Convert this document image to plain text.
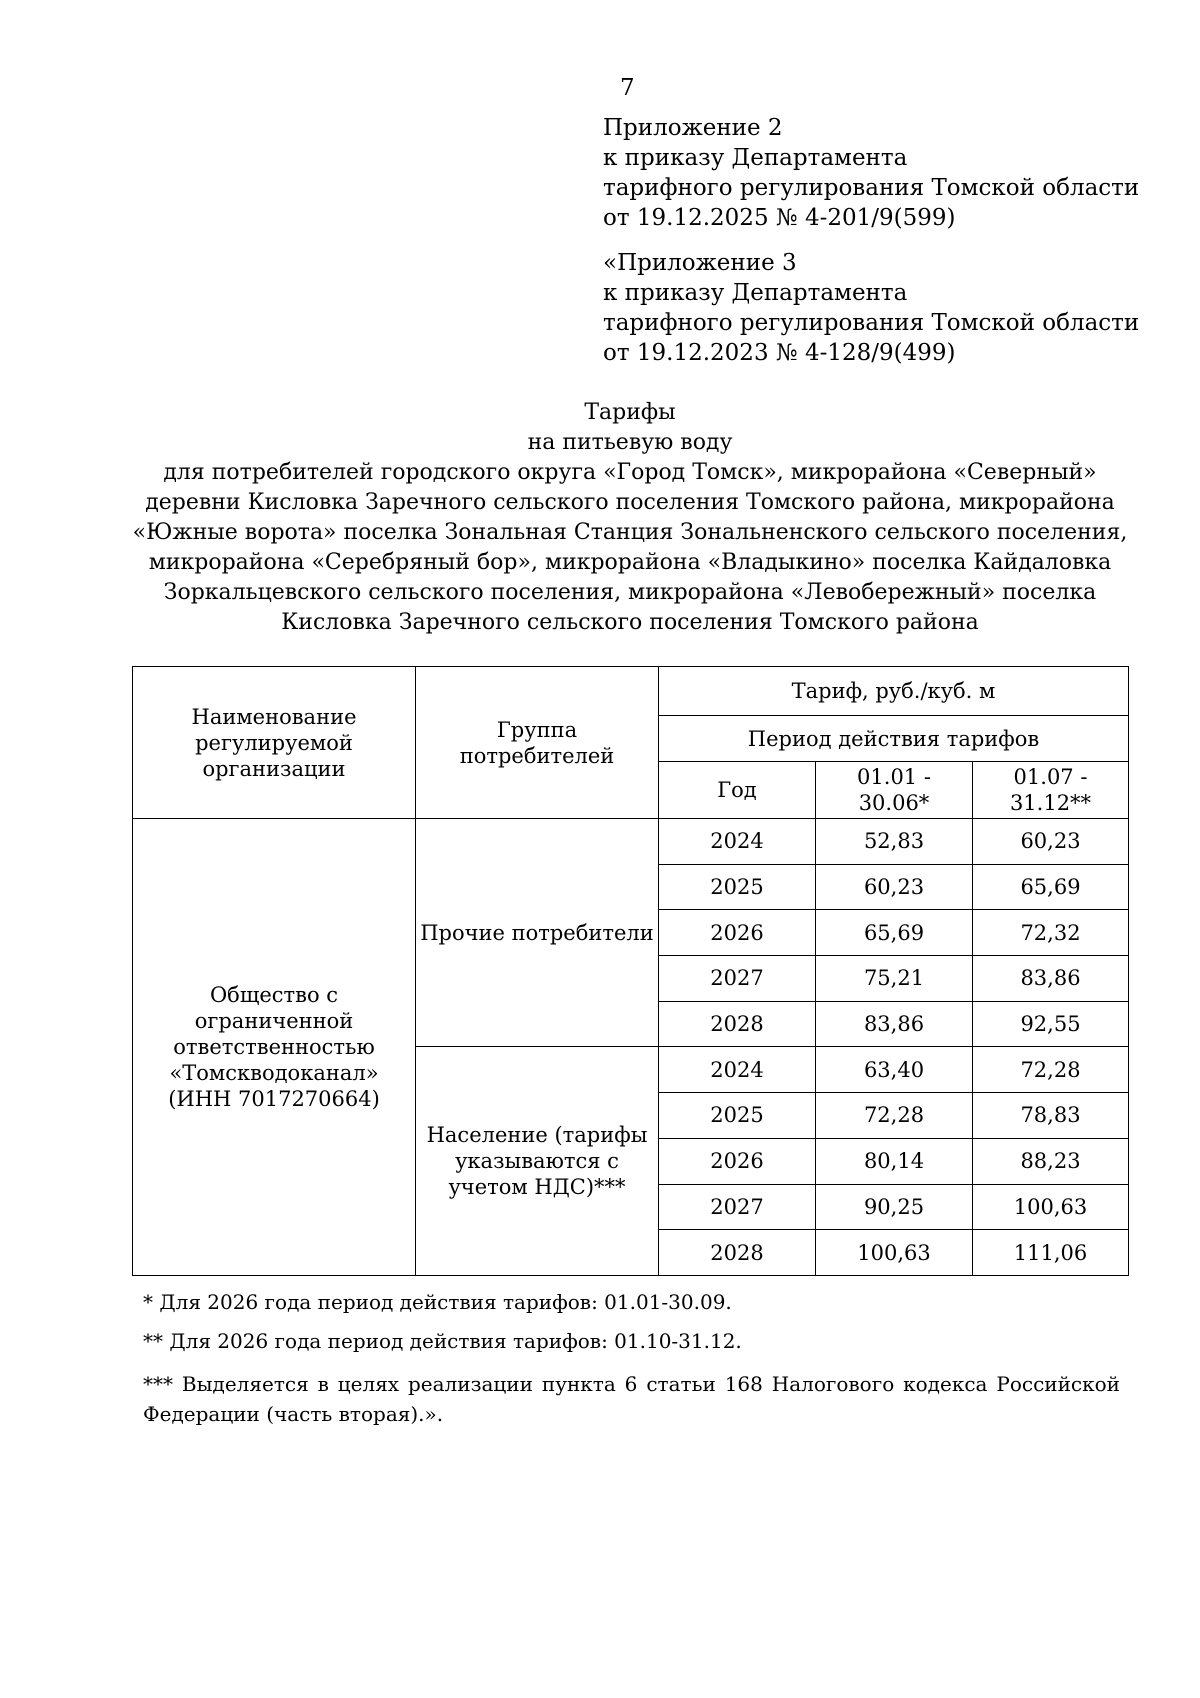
7
Приложение 2
к приказу Департамента
тарифного регулирования Томской области
от 19.12.2025 № 4-201/9(599)
«Приложение 3
к приказу Департамента
тарифного регулирования Томской области
от 19.12.2023 № 4-128/9(499)
Тарифы
на питьевую воду
для потребителей городского округа «Город Томск», микрорайона «Северный»
деревни Кисловка Заречного сельского поселения Томского района, микрорайона
«Южные ворота» поселка Зональная Станция Зональненского сельского поселения,
микрорайона «Серебряный бор», микрорайона «Владыкино» поселка Кайдаловка
Зоркальцевского сельского поселения, микрорайона «Левобережный» поселка
Кисловка Заречного сельского поселения Томского района
Наименование регулируемой организации	Группа потребителей	Тариф, руб./куб. м		
		Период действия тарифов		
		Год	01.01 - 30.06*	01.07 - 31.12**
Общество с ограниченной ответственностью «Томскводоканал» (ИНН 7017270664)	Прочие потребители	2024	52,83	60,23
		2025	60,23	65,69
		2026	65,69	72,32
		2027	75,21	83,86
		2028	83,86	92,55
	Население (тарифы указываются с учетом НДС)***	2024	63,40	72,28
		2025	72,28	78,83
		2026	80,14	88,23
		2027	90,25	100,63
		2028	100,63	111,06
* Для 2026 года период действия тарифов: 01.01-30.09.
** Для 2026 года период действия тарифов: 01.10-31.12.
*** Выделяется в целях реализации пункта 6 статьи 168 Налогового кодекса Российской Федерации (часть вторая).».
